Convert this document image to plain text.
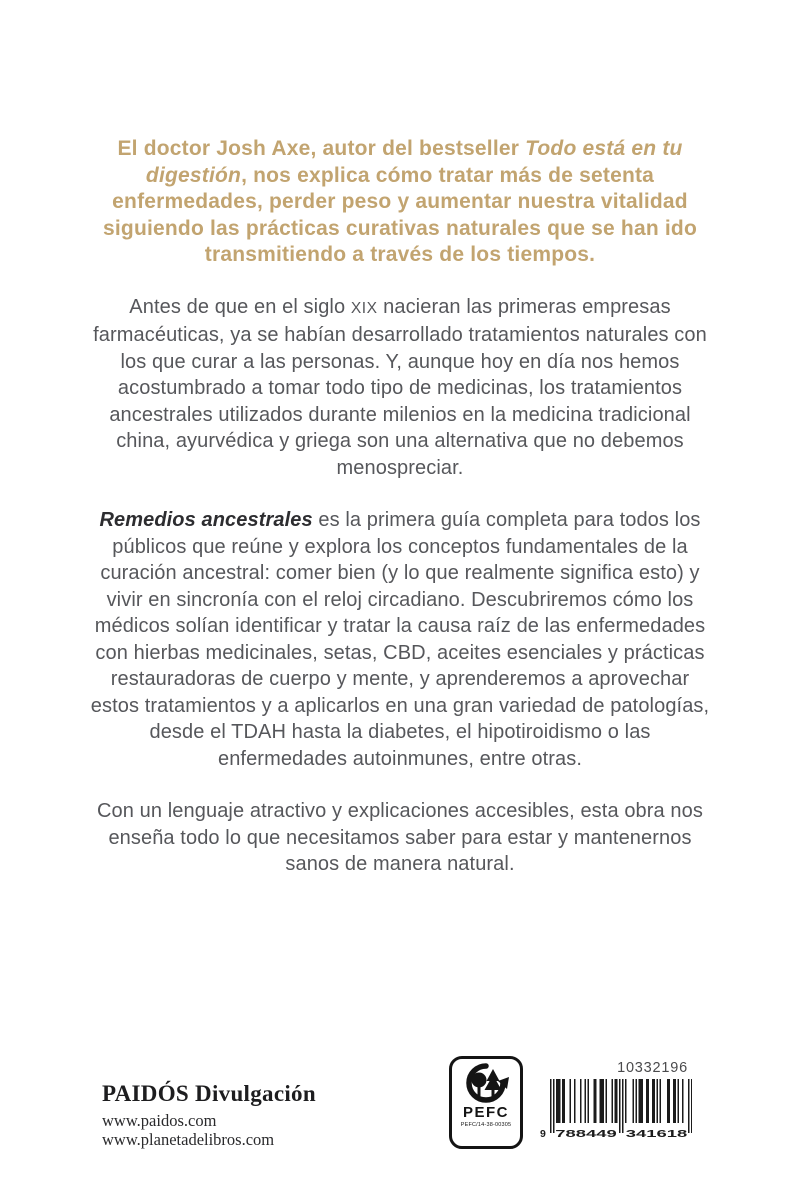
El doctor Josh Axe, autor del bestseller Todo está en tu digestión, nos explica cómo tratar más de setenta enfermedades, perder peso y aumentar nuestra vitalidad siguiendo las prácticas curativas naturales que se han ido transmitiendo a través de los tiempos.

Antes de que en el siglo XIX nacieran las primeras empresas farmacéuticas, ya se habían desarrollado tratamientos naturales con los que curar a las personas. Y, aunque hoy en día nos hemos acostumbrado a tomar todo tipo de medicinas, los tratamientos ancestrales utilizados durante milenios en la medicina tradicional china, ayurvédica y griega son una alternativa que no debemos menospreciar.

Remedios ancestrales es la primera guía completa para todos los públicos que reúne y explora los conceptos fundamentales de la curación ancestral: comer bien (y lo que realmente significa esto) y vivir en sincronía con el reloj circadiano. Descubriremos cómo los médicos solían identificar y tratar la causa raíz de las enfermedades con hierbas medicinales, setas, CBD, aceites esenciales y prácticas restauradoras de cuerpo y mente, y aprenderemos a aprovechar estos tratamientos y a aplicarlos en una gran variedad de patologías, desde el TDAH hasta la diabetes, el hipotiroidismo o las enfermedades autoinmunes, entre otras.

Con un lenguaje atractivo y explicaciones accesibles, esta obra nos enseña todo lo que necesitamos saber para estar y mantenernos sanos de manera natural.

PAIDÓS Divulgación

www.paidos.com

www.planetadelibros.com

PEFC
PEFC/14-38-00305
10332196
9 788449 341618
